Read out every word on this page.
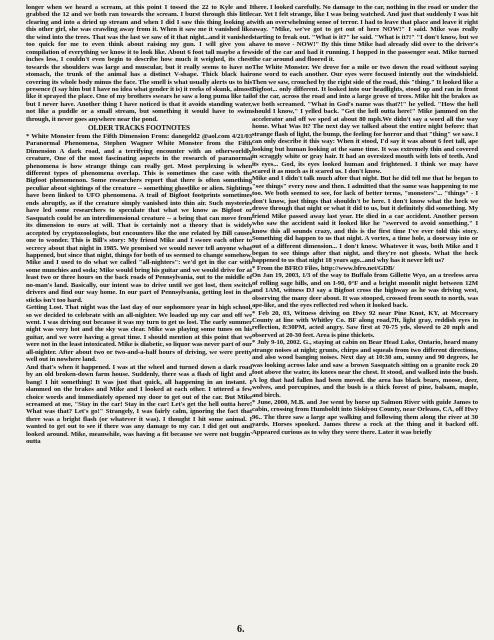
longer when we heard a scream, at this point I tossed the 22 to Kyle and I grabbed the 12 and we both ran towards the scream. I burst through this little clearing and into a dried up stream and when I did I saw this thing looking at this other girl, she was crawling away from it. When it saw me it vanished like the wind into the trees. That was the last we saw of it that night...and it vanished too quick for me to even think about raising my gun. I will give you a compilation of everything we know it to look like. About 6 foot tall maybe a few inches less, I couldn't even begin to describe how much it weighed, its chest towards the shoulders was large and muscular, but it really seems to have no stomach, the trunk of the animal has a distinct V-shape. Thick black hair covering its whole body minus the face. The smell is what usually alerts us to his presence (I say him but I have no idea what gender it is) it reeks of skunk, almost like it sprayed the place. One of my brothers swears he saw a long puma like tail but I never have. Another thing I have noticed is that it avoids standing water, not like a puddle or a small stream, but something it would have to swim through, it never goes anywhere near the pond.

OLDER TRACKS FOOTNOTES

* White Monster from the Fifth Dimension From: danegeld2 @aol.com 4/21/03 Paranormal Phenomena, Stephen Wagner White Monster from the Fifth Dimension A dark road, and a terrifying encounter with an otherworldly creature, One of the most fascinating aspects in the research of paranormal phenomena is how strange things can really get. Most perplexing is when different types of phenomena overlap. This is sometimes the case with the Bigfoot phenomenon. Some researchers report that there is often something peculiar about sightings of the creature -- something ghostlike or alien. Sightings have been linked to UFO phenomena. A trail of Bigfoot footprints sometimes ends abruptly, as if the creature simply vanished into thin air. Such mysteries have led some researchers to speculate that what we know as Bigfoot or Sasquatch could be an interdimensional creature -- a being that can move from its dimension to ours at will. That is certainly not a theory that is widely accepted by cryptozoologists, but encounters like the one related by Bill causes one to wonder. This is Bill's story: My friend Mike and I swore each other to secrecy about that night in 1985. We promised we would never tell anyone what happened, but since that night, things for both of us seemed to change somehow. Mike and I used to do what we called "all-nighters": we'd get in the car with some munchies and soda; Mike would bring his guitar and we would drive for at least two or three hours on the back roads of Pennsylvania, out to the middle of no-man's land. Basically, our intent was to drive until we got lost, then switch drivers and find our way home. In our part of Pennsylvania, getting lost in the sticks isn't too hard.

Getting Lost. That night was the last day of our sophomore year in high school, so we decided to celebrate with an all-nighter. We loaded up my car and off we went. I was driving out because it was my turn to get us lost. The early summer night was very hot and the sky was clear. Mike was playing some tunes on his guitar, and we were having a great time. I should mention at this point that we were not in the least intoxicated. Mike is diabetic, so liquor was never part of our all-nighter. After about two or two-and-a-half hours of driving, we were pretty well out in nowhere land.

And that's when it happened. I was at the wheel and turned down a dark road by an old broken-down farm house. Suddenly, there was a flash of light and a bang! I hit something! It was just that quick, all happening in an instant. I slammed on the brakes and Mike and I looked at each other. I uttered a few choice words and immediately opened my door to get out of the car. But Mike screamed at me, "Stay in the car! Stay in the car! Let's get the hell outta here! What was that? Let's go!" Strangely, I was fairly calm, ignoring the fact that there was a bright flash (or whatever it was). I thought I hit some animal. I wanted to get out to see if there was any damage to my car. I did get out and looked around. Mike, meanwhile, was having a fit because we were not buggin' outta

there. I looked carefully. No damage to the car, nothing in the road or under the car. Yet I felt strange, like I was being watched. And just that suddenly I was hit with an overwhelming sense of terror. I had to leave that place and leave it right away. "Mike, we've got to get out of here NOW!" I said. Mike was really starting to freak out. "What is it?" he said. "What is it?!" "I don't know, but we have to move - NOW!" By this time Mike had already slid over to the driver's side of the car and had it running. I hopped in the passenger seat. Mike turned the car around and floored it.

The White Monster. We drove for a mile or two down the road without saying one word to each another. Our eyes were focused intently out the windshield. Then we saw, crouched by the right side of the road, this "thing." It looked like a Bigfoot... only different. It looked into our headlights, stood up and ran in front of the car, across the road and into a large grove of trees. Mike hit the brakes as we both screamed. "What in God's name was that?!" he yelled. "How the hell should I know," I yelled back. "Get the hell outta here!" Mike jammed on the accelerator and off we sped at about 80 mph.We didn't say a word all the way home. What Was It? The next day we talked about the entire night before: that strange flash of light, the bump, the feeling for horror and that "thing" we saw. I can only describe it this way: When it stood, I'd say it was about 6 feet tall, ape looking but human looking at the same time. It was extremely thin and covered in scraggly white or gray hair. It had an oversized mouth with lots of teeth. And its eyes... God, its eyes looked human and frightened. I think we may have scared it as much as it scared us. I don't know.

Mike and I didn't talk much after that night. But he did tell me that he began to "see things" every now and then. I admitted that the same was happening to me too. We both seemed to see, for lack of better terms, "monsters"... "things" - I don't know, just things that shouldn't be here. I don't know what the heck we drove through that night or what it did to us, but it definitely did something. My friend Mike passed away last year. He died in a car accident. Another person who saw the accident said it looked like he "swerved to avoid something." I know this all sounds crazy, and this is the first time I've ever told this story. Something did happen to us that night. A vortex, a time hole, a doorway into or out of a different dimension... I don't know. Whatever it was, both Mike and I began to see things after that night, and they're not ghosts. What the heck happened to us that night 18 years ago...and why has it never left us?

* From the BFRO Files, http://www.bfro.net/GDB/

On Jan 19, 2003, 1/3 of the way to Buffalo from Gillette Wyo, an a treeless area of rolling sage hills, and on I-90, 0°F and a bright moonlit night between 12M and 1AM, witness DJ say a Bigfoot cross the highway as he was driving west, observing the many deer about. It was stooped, crossed from south to north, was ape-like, and the eyes reflected red when it looked back.

* Feb 20, 03, Witness driving on Hwy 92 near Pine Knot, KY, at Mccreary County at line with Whitley Co. BF along road,7ft, light gray, reddish eyes in reflection, 8:30PM, acted angry. Saw first at 70-75 yds, slowed to 20 mph and observed at 20-30 feet. Area is pine thickets.

* July 9-10, 2002. G., staying at cabin on Bear Head Lake, Ontario, heard many strange noises at night; grunts, chirps and squeals from two different directions, and also wood banging noises. Next day at 10:30 am, sunny and 90 degrees, he was looking across lake and saw a brown Sasquatch sitting on a granite rock 20 foot above the water, its knees near the chest. It stood, and walked into the bush. A log that had fallen had been moved. the area has black bears, moose, deer, wolves, and porcupines, and the bush is a thick forest of pine, balsam, maple, and birch.

* June, 2000, M.B. and Joe went by horse up Salmon River with guide James to cabin, crossing from Humboldt into Siskiyou County, near Orleans, CA, off Hwy 96.. The three saw a large ape walking and following them along the river at 30 yards. Horses spooked. James threw a rock at the thing and it backed off. Appeared curious as to why they were there. Later it was briefly

6.
